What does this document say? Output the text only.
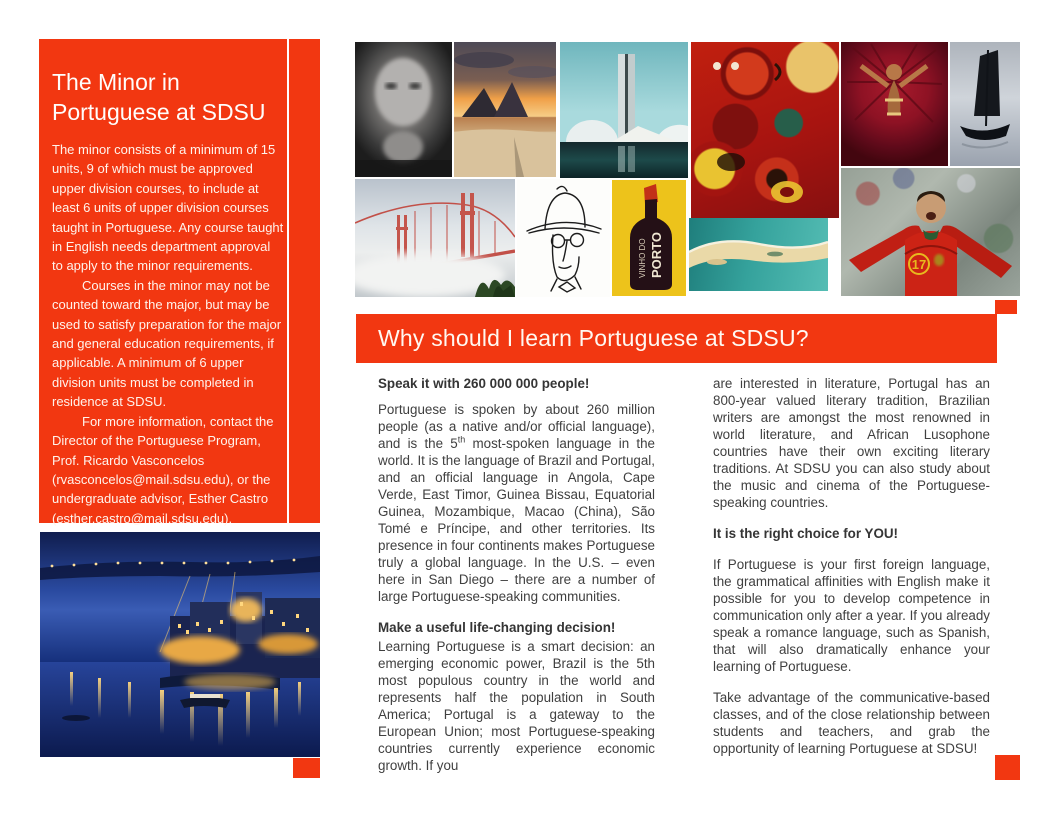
The Minor in Portuguese at SDSU

The minor consists of a minimum of 15 units, 9 of which must be approved upper division courses, to include at least 6 units of upper division courses taught in Portuguese. Any course taught in English needs department approval to apply to the minor requirements.

Courses in the minor may not be counted toward the major, but may be used to satisfy preparation for the major and general education requirements, if applicable. A minimum of 6 upper division units must be completed in residence at SDSU.

For more information, contact the Director of the Portuguese Program, Prof. Ricardo Vasconcelos (rvasconcelos@mail.sdsu.edu), or the undergraduate advisor, Esther Castro (esther.castro@mail.sdsu.edu).

VINHO DO PORTO	17
Why should I learn Portuguese at SDSU?
Speak it with 260 000 000 people!

Portuguese is spoken by about 260 million people (as a native and/or official language), and is the 5th most-spoken language in the world. It is the language of Brazil and Portugal, and an official language in Angola, Cape Verde, East Timor, Guinea Bissau, Equatorial Guinea, Mozambique, Macao (China), São Tomé e Príncipe, and other territories. Its presence in four continents makes Portuguese truly a global language. In the U.S. – even here in San Diego – there are a number of large Portuguese-speaking communities.

Make a useful life-changing decision!

Learning Portuguese is a smart decision: an emerging economic power, Brazil is the 5th most populous country in the world and represents half the population in South America; Portugal is a gateway to the European Union; most Portuguese-speaking countries currently experience economic growth. If you

are interested in literature, Portugal has an 800-year valued literary tradition, Brazilian writers are amongst the most renowned in world literature, and African Lusophone countries have their own exciting literary traditions. At SDSU you can also study about the music and cinema of the Portuguese-speaking countries.

It is the right choice for YOU!

If Portuguese is your first foreign language, the grammatical affinities with English make it possible for you to develop competence in communication only after a year. If you already speak a romance language, such as Spanish, that will also dramatically enhance your learning of Portuguese.

Take advantage of the communicative-based classes, and of the close relationship between students and teachers, and grab the opportunity of learning Portuguese at SDSU!
